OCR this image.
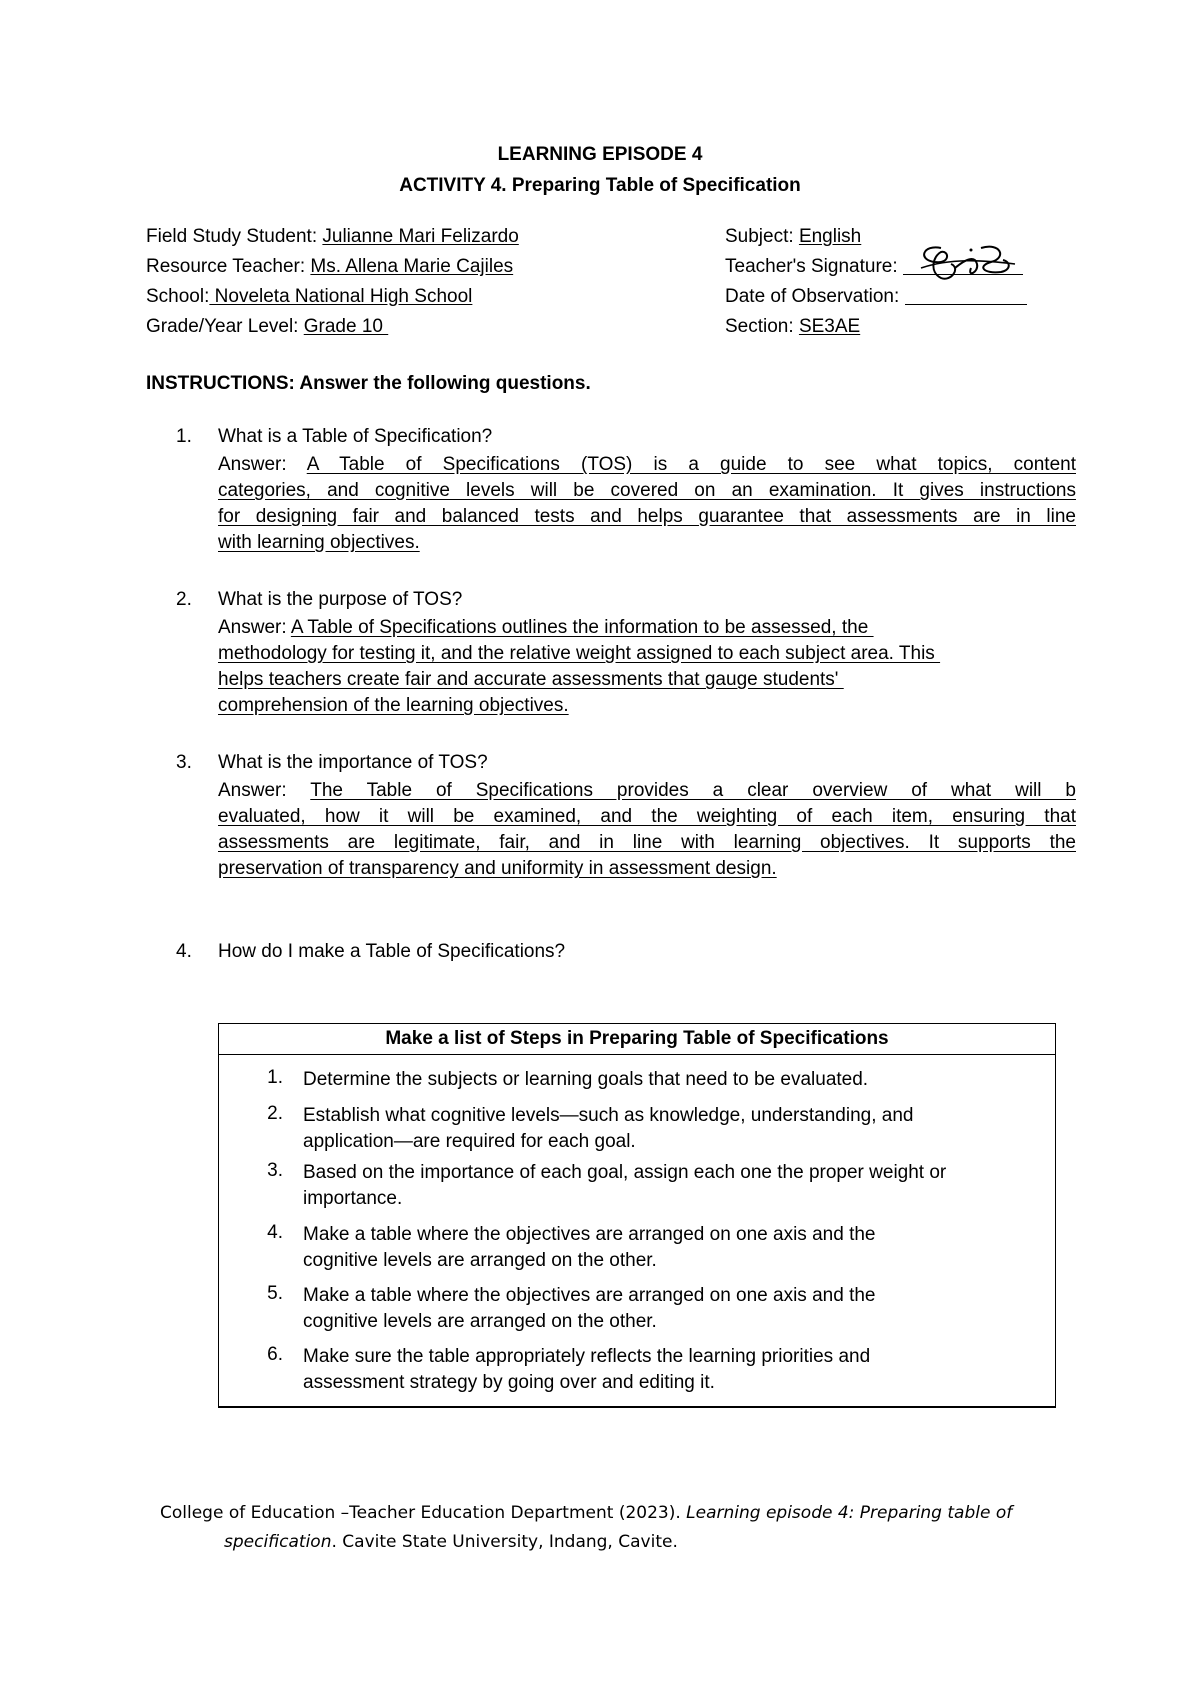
LEARNING EPISODE 4
ACTIVITY 4. Preparing Table of Specification
Field Study Student: Julianne Mari Felizardo
Resource Teacher: Ms. Allena Marie Cajiles
School: Noveleta National High School
Grade/Year Level: Grade 10
Subject: English
Teacher's Signature:
Date of Observation:
Section: SE3AE
INSTRUCTIONS: Answer the following questions.
1.	What is a Table of Specification?
Answer: A Table of Specifications (TOS) is a guide to see what topics, content
categories, and cognitive levels will be covered on an examination. It gives instructions
for designing fair and balanced tests and helps guarantee that assessments are in line
with learning objectives.
2.	What is the purpose of TOS?
Answer: A Table of Specifications outlines the information to be assessed, the
methodology for testing it, and the relative weight assigned to each subject area. This
helps teachers create fair and accurate assessments that gauge students'
comprehension of the learning objectives.
3.	What is the importance of TOS?
Answer: The Table of Specifications provides a clear overview of what will b
evaluated, how it will be examined, and the weighting of each item, ensuring that
assessments are legitimate, fair, and in line with learning objectives. It supports the
preservation of transparency and uniformity in assessment design.
4.	How do I make a Table of Specifications?
Make a list of Steps in Preparing Table of Specifications
1. Determine the subjects or learning goals that need to be evaluated.
2. Establish what cognitive levels—such as knowledge, understanding, and
application—are required for each goal.
3. Based on the importance of each goal, assign each one the proper weight or
importance.
4. Make a table where the objectives are arranged on one axis and the
cognitive levels are arranged on the other.
5. Make a table where the objectives are arranged on one axis and the
cognitive levels are arranged on the other.
6. Make sure the table appropriately reflects the learning priorities and
assessment strategy by going over and editing it.
College of Education –Teacher Education Department (2023). Learning episode 4: Preparing table of
specification. Cavite State University, Indang, Cavite.
